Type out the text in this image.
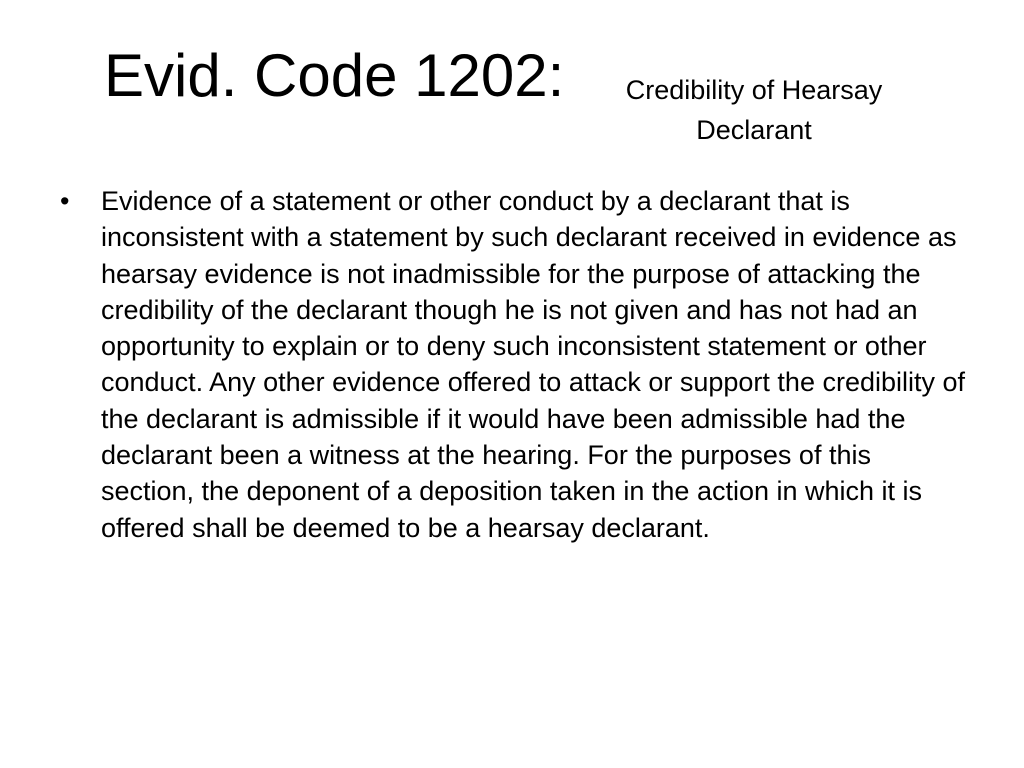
Evid. Code 1202:	Credibility of Hearsay Declarant
• Evidence of a statement or other conduct by a declarant that is inconsistent with a statement by such declarant received in evidence as hearsay evidence is not inadmissible for the purpose of attacking the credibility of the declarant though he is not given and has not had an opportunity to explain or to deny such inconsistent statement or other conduct. Any other evidence offered to attack or support the credibility of the declarant is admissible if it would have been admissible had the declarant been a witness at the hearing. For the purposes of this section, the deponent of a deposition taken in the action in which it is offered shall be deemed to be a hearsay declarant.
